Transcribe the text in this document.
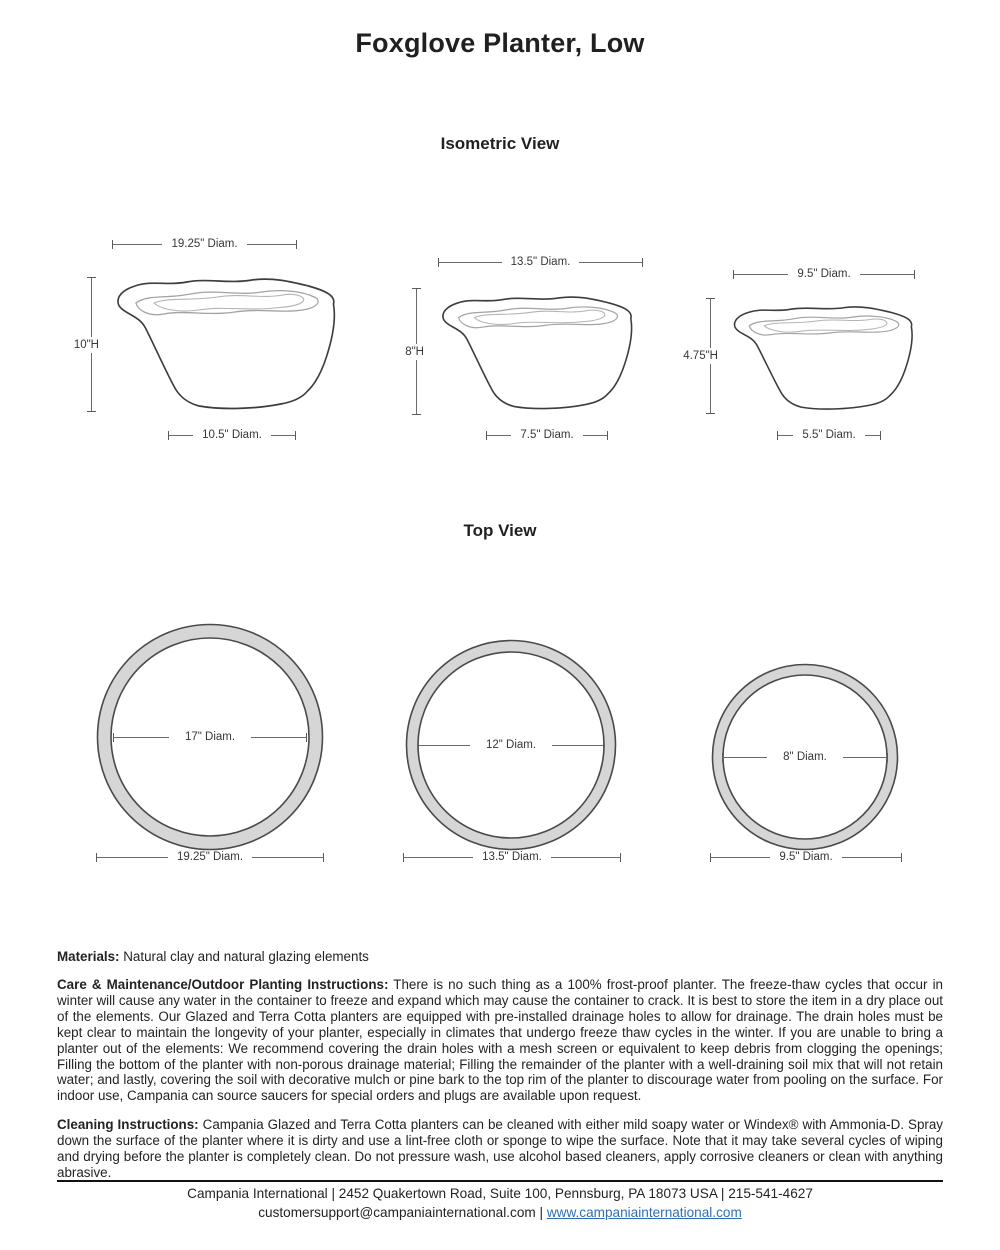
Foxglove Planter, Low
Isometric View
19.25" Diam.
10"H
10.5" Diam.
13.5" Diam.
8"H
7.5" Diam.
9.5" Diam.
4.75"H
5.5" Diam.
Top View
17" Diam.
19.25" Diam.
12" Diam.
13.5" Diam.
8" Diam.
9.5" Diam.
Materials: Natural clay and natural glazing elements
Care & Maintenance/Outdoor Planting Instructions: There is no such thing as a 100% frost-proof planter. The freeze-thaw cycles that occur in winter will cause any water in the container to freeze and expand which may cause the container to crack. It is best to store the item in a dry place out of the elements. Our Glazed and Terra Cotta planters are equipped with pre-installed drainage holes to allow for drainage. The drain holes must be kept clear to maintain the longevity of your planter, especially in climates that undergo freeze thaw cycles in the winter. If you are unable to bring a planter out of the elements: We recommend covering the drain holes with a mesh screen or equivalent to keep debris from clogging the openings; Filling the bottom of the planter with non-porous drainage material; Filling the remainder of the planter with a well-draining soil mix that will not retain water; and lastly, covering the soil with decorative mulch or pine bark to the top rim of the planter to discourage water from pooling on the surface. For indoor use, Campania can source saucers for special orders and plugs are available upon request.
Cleaning Instructions: Campania Glazed and Terra Cotta planters can be cleaned with either mild soapy water or Windex® with Ammonia-D. Spray down the surface of the planter where it is dirty and use a lint-free cloth or sponge to wipe the surface. Note that it may take several cycles of wiping and drying before the planter is completely clean. Do not pressure wash, use alcohol based cleaners, apply corrosive cleaners or clean with anything abrasive.
Campania International | 2452 Quakertown Road, Suite 100, Pennsburg, PA 18073 USA | 215-541-4627
customersupport@campaniainternational.com | www.campaniainternational.com
